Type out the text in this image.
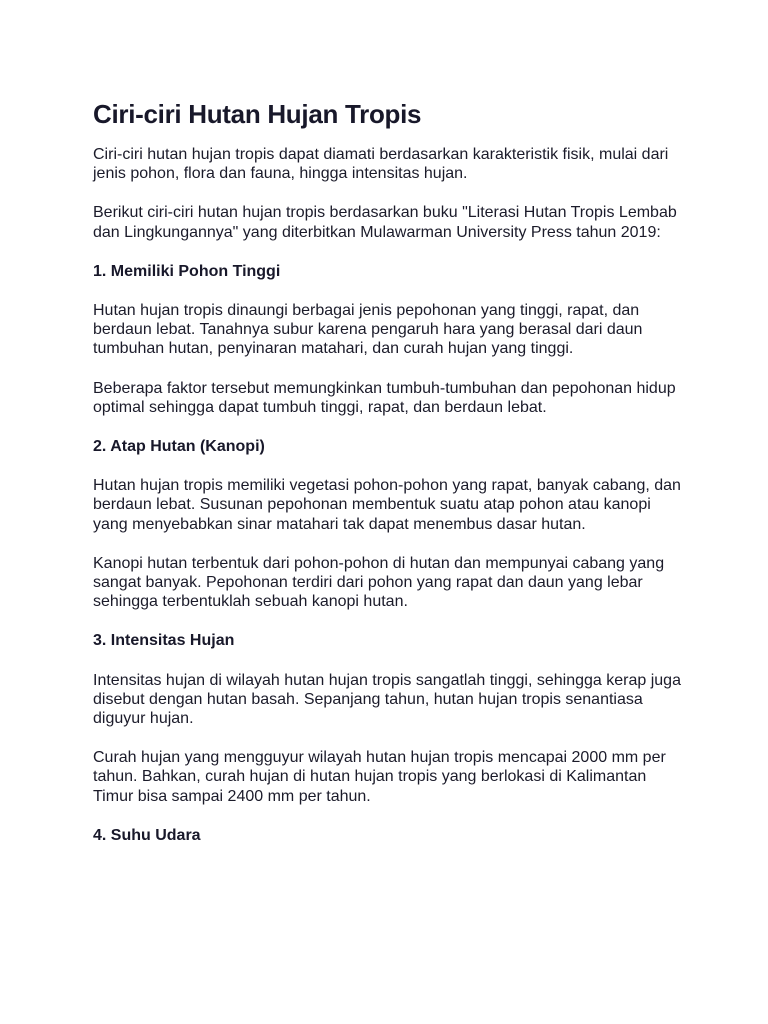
Ciri-ciri Hutan Hujan Tropis

Ciri-ciri hutan hujan tropis dapat diamati berdasarkan karakteristik fisik, mulai dari jenis pohon, flora dan fauna, hingga intensitas hujan.

Berikut ciri-ciri hutan hujan tropis berdasarkan buku "Literasi Hutan Tropis Lembab dan Lingkungannya" yang diterbitkan Mulawarman University Press tahun 2019:

1. Memiliki Pohon Tinggi

Hutan hujan tropis dinaungi berbagai jenis pepohonan yang tinggi, rapat, dan berdaun lebat. Tanahnya subur karena pengaruh hara yang berasal dari daun tumbuhan hutan, penyinaran matahari, dan curah hujan yang tinggi.

Beberapa faktor tersebut memungkinkan tumbuh-tumbuhan dan pepohonan hidup optimal sehingga dapat tumbuh tinggi, rapat, dan berdaun lebat.

2. Atap Hutan (Kanopi)

Hutan hujan tropis memiliki vegetasi pohon-pohon yang rapat, banyak cabang, dan berdaun lebat. Susunan pepohonan membentuk suatu atap pohon atau kanopi yang menyebabkan sinar matahari tak dapat menembus dasar hutan.

Kanopi hutan terbentuk dari pohon-pohon di hutan dan mempunyai cabang yang sangat banyak. Pepohonan terdiri dari pohon yang rapat dan daun yang lebar sehingga terbentuklah sebuah kanopi hutan.

3. Intensitas Hujan

Intensitas hujan di wilayah hutan hujan tropis sangatlah tinggi, sehingga kerap juga disebut dengan hutan basah. Sepanjang tahun, hutan hujan tropis senantiasa diguyur hujan.

Curah hujan yang mengguyur wilayah hutan hujan tropis mencapai 2000 mm per tahun. Bahkan, curah hujan di hutan hujan tropis yang berlokasi di Kalimantan Timur bisa sampai 2400 mm per tahun.

4. Suhu Udara
